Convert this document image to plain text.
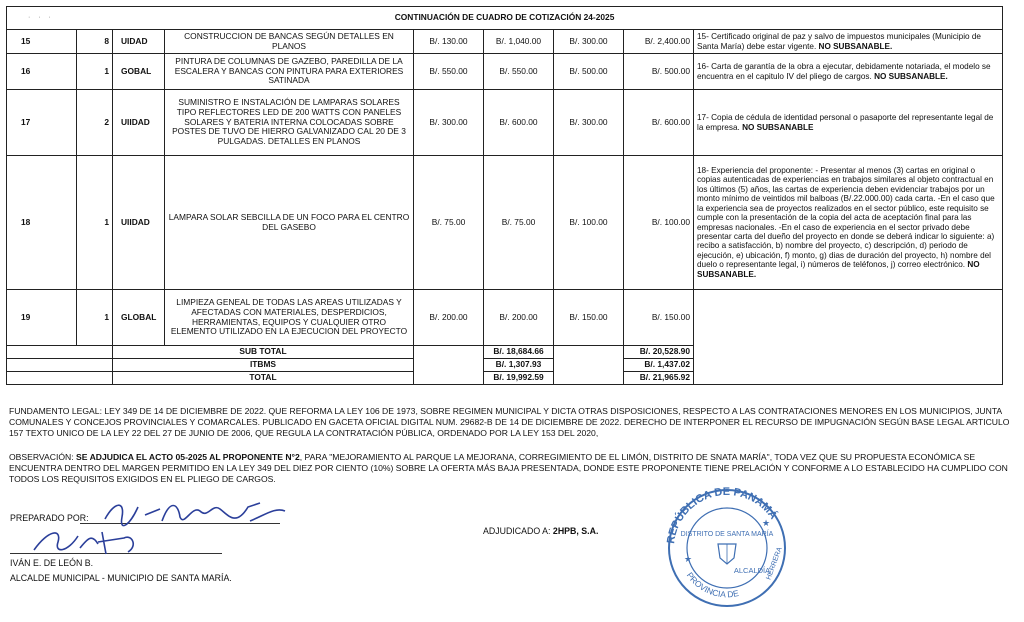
CONTINUACIÓN DE CUADRO DE COTIZACIÓN 24-2025								
15	8	UIDAD	CONSTRUCCION DE BANCAS SEGÚN DETALLES EN PLANOS	B/. 130.00	B/. 1,040.00	B/. 300.00	B/. 2,400.00	15- Certificado original de paz y salvo de impuestos municipales (Municipio de Santa María) debe estar vigente. NO SUBSANABLE.
16	1	GOBAL	PINTURA DE COLUMNAS DE GAZEBO, PAREDILLA DE LA ESCALERA Y BANCAS CON PINTURA PARA EXTERIORES SATINADA	B/. 550.00	B/. 550.00	B/. 500.00	B/. 500.00	16- Carta de garantía de la obra a ejecutar, debidamente notariada, el modelo se encuentra en el capitulo IV del pliego de cargos. NO SUBSANABLE.
17	2	UIIDAD	SUMINISTRO E INSTALACIÓN DE LAMPARAS SOLARES TIPO REFLECTORES LED DE 200 WATTS CON PANELES SOLARES Y BATERIA INTERNA COLOCADAS SOBRE POSTES DE TUVO DE HIERRO GALVANIZADO CAL 20 DE 3 PULGADAS. DETALLES EN PLANOS	B/. 300.00	B/. 600.00	B/. 300.00	B/. 600.00	17- Copia de cédula de identidad personal o pasaporte del representante legal de la empresa. NO SUBSANABLE
18	1	UIIDAD	LAMPARA SOLAR SEBCILLA DE UN FOCO PARA EL CENTRO DEL GASEBO	B/. 75.00	B/. 75.00	B/. 100.00	B/. 100.00	18- Experiencia del proponente: - Presentar al menos (3) cartas en original o copias autenticadas de experiencias en trabajos similares al objeto contractual en los últimos (5) años, las cartas de experiencia deben evidenciar trabajos por un monto mínimo de veintidos mil balboas (B/.22.000.00) cada carta. -En el caso que la experiencia sea de proyectos realizados en el sector público, este requisito se cumple con la presentación de la copia del acta de aceptación final para las empresas nacionales. -En el caso de experiencia en el sector privado debe presentar carta del dueño del proyecto en donde se deberá indicar lo siguiente: a) recibo a satisfacción, b) nombre del proyecto, c) descripción, d) periodo de ejecución, e) ubicación, f) monto, g) dias de duración del proyecto, h) nombre del duelo o representante legal, i) números de teléfonos, j) correo electrónico. NO SUBSANABLE.
19	1	GLOBAL	LIMPIEZA GENEAL DE TODAS LAS AREAS UTILIZADAS Y AFECTADAS CON MATERIALES, DESPERDICIOS, HERRAMIENTAS, EQUIPOS Y CUALQUIER OTRO ELEMENTO UTILIZADO EN LA EJECUCION DEL PROYECTO	B/. 200.00	B/. 200.00	B/. 150.00	B/. 150.00	
		SUB TOTAL			B/. 18,684.66		B/. 20,528.90	
		ITBMS			B/. 1,307.93		B/. 1,437.02	
		TOTAL			B/. 19,992.59		B/. 21,965.92	
· · ·

FUNDAMENTO LEGAL: LEY 349 DE 14 DE DICIEMBRE DE 2022. QUE REFORMA LA LEY 106 DE 1973, SOBRE REGIMEN MUNICIPAL Y DICTA OTRAS DISPOSICIONES, RESPECTO A LAS CONTRATACIONES MENORES EN LOS MUNICIPIOS, JUNTA COMUNALES Y CONCEJOS PROVINCIALES Y COMARCALES. PUBLICADO EN GACETA OFICIAL DIGITAL NUM. 29682-B DE 14 DE DICIEMBRE DE 2022. DERECHO DE INTERPONER EL RECURSO DE IMPUGNACIÓN SEGÚN BASE LEGAL ARTICULO 157 TEXTO UNICO DE LA LEY 22 DEL 27 DE JUNIO DE 2006, QUE REGULA LA CONTRATACIÓN PÚBLICA, ORDENADO POR LA LEY 153 DEL 2020,

OBSERVACIÓN: SE ADJUDICA EL ACTO 05-2025 AL PROPONENTE N°2, PARA "MEJORAMIENTO AL PARQUE LA MEJORANA, CORREGIMIENTO DE EL LIMÓN, DISTRITO DE SNATA MARÍA", TODA VEZ QUE SU PROPUESTA ECONÓMICA SE ENCUENTRA DENTRO DEL MARGEN PERMITIDO EN LA LEY 349 DEL DIEZ POR CIENTO (10%) SOBRE LA OFERTA MÁS BAJA PRESENTADA, DONDE ESTE PROPONENTE TIENE PRELACIÓN Y CONFORME A LO ESTABLECIDO HA CUMPLIDO CON TODOS LOS REQUISITOS EXIGIDOS EN EL PLIEGO DE CARGOS.

PREPARADO POR:
IVÁN E. DE LEÓN B.
ALCALDE MUNICIPAL - MUNICIPIO DE SANTA MARÍA.
ADJUDICADO A: 2HPB, S.A.
REPÚBLICA DE PANAMÁ
PROVINCIA DE
DISTRITO DE SANTA MARÍA
ALCALDÍA
HERRERA
★
★
